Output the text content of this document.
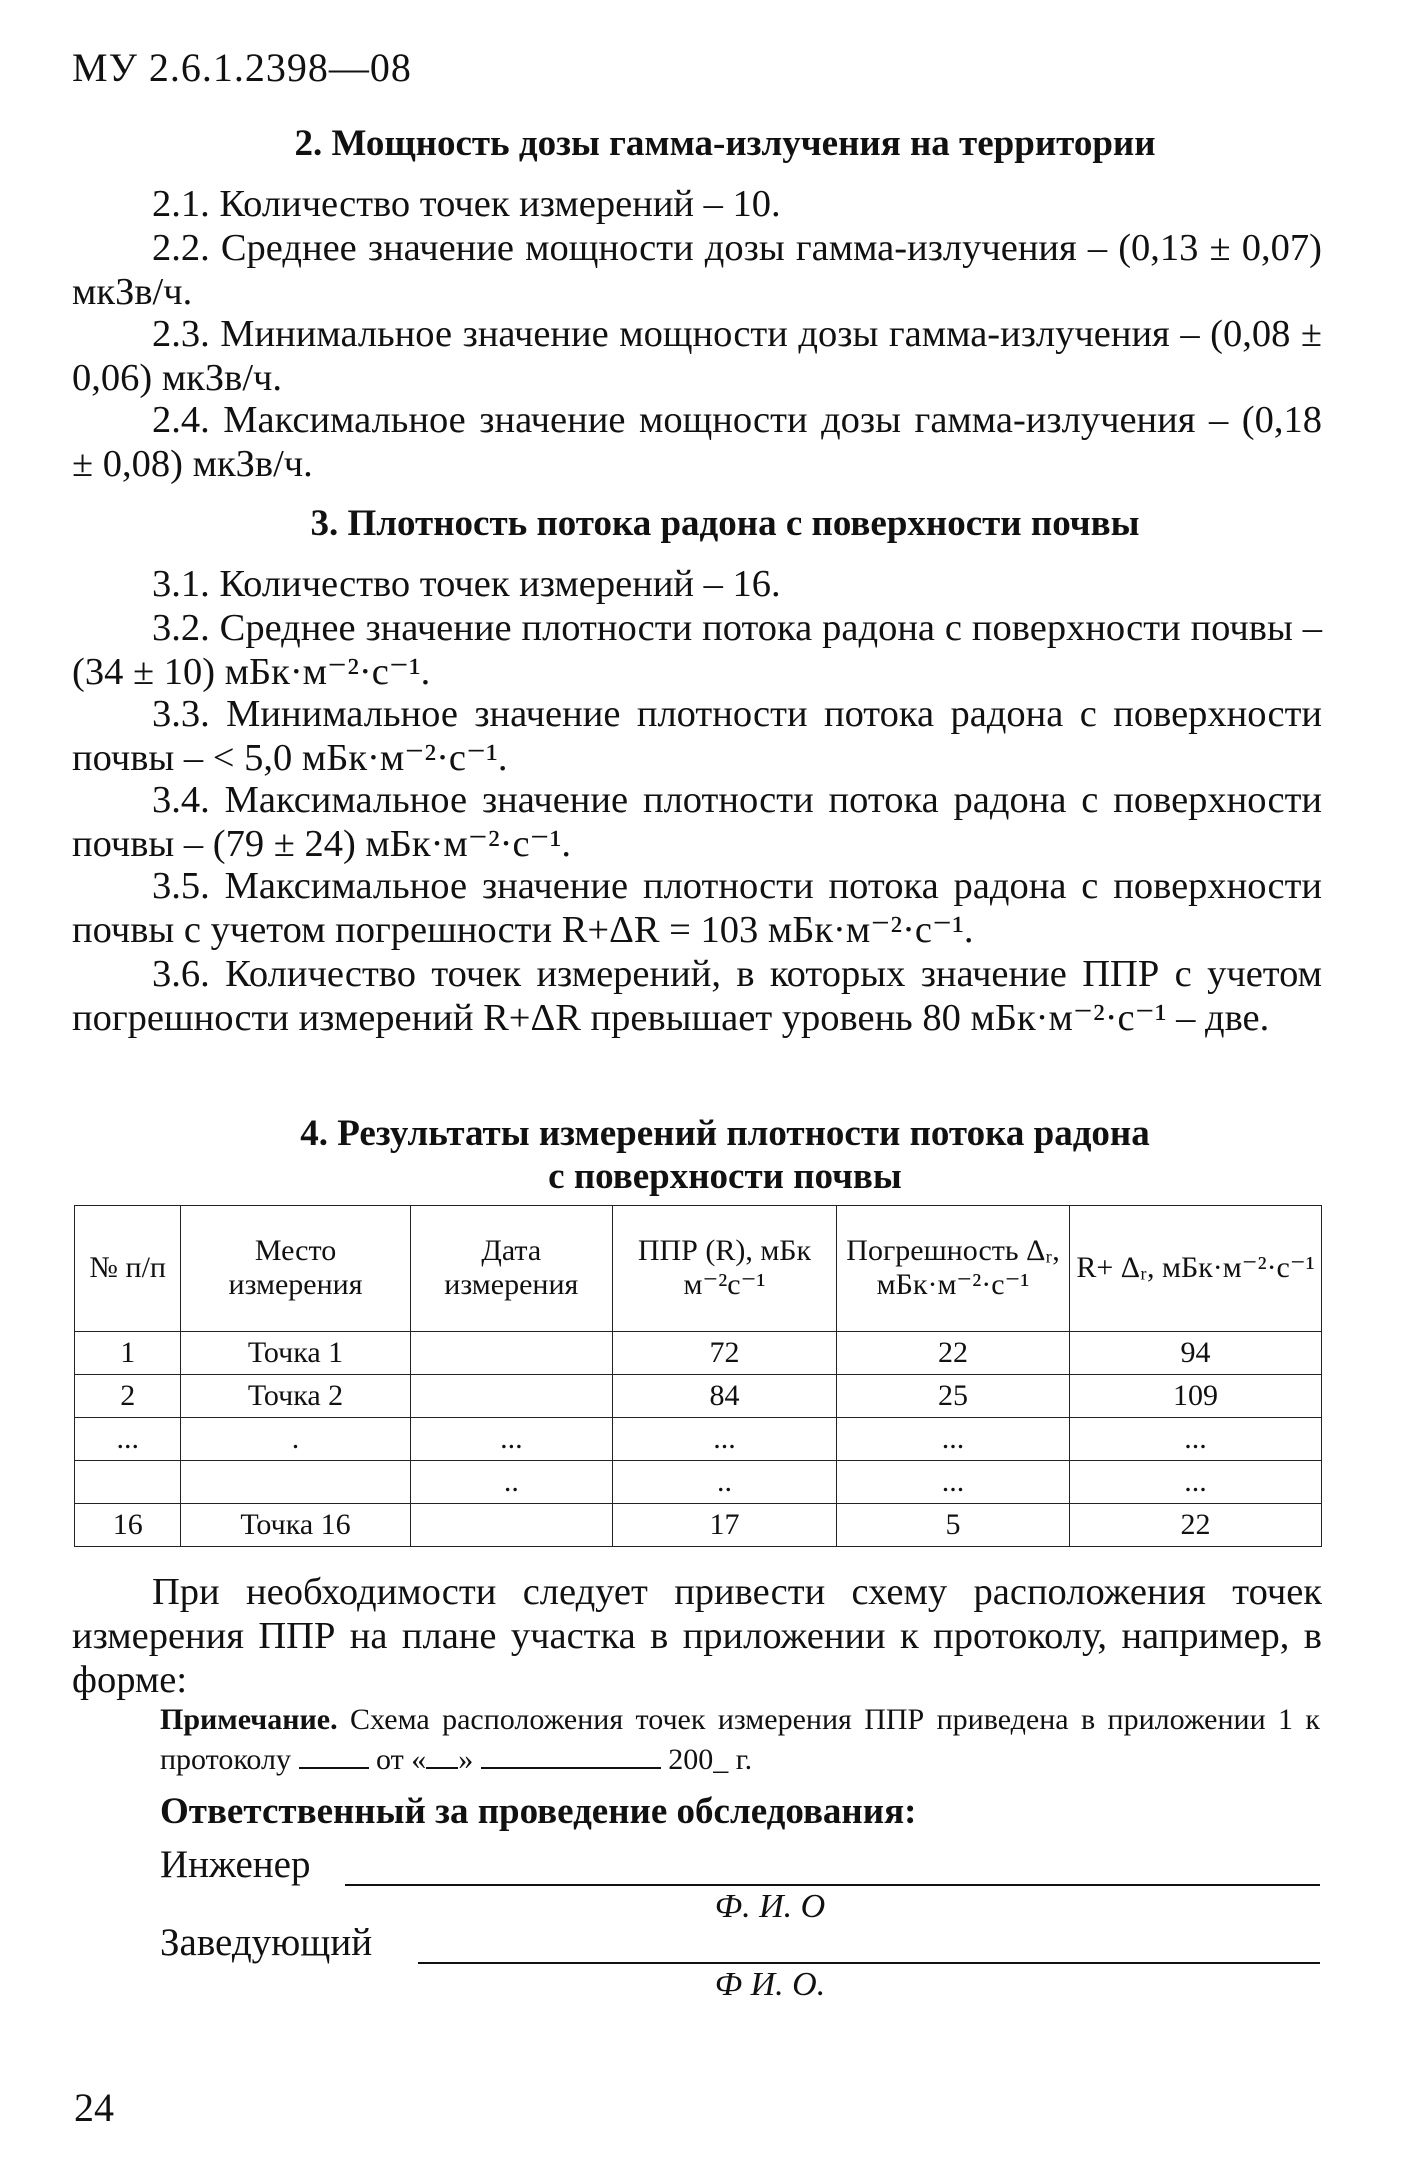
МУ 2.6.1.2398—08
2. Мощность дозы гамма-излучения на территории
2.1. Количество точек измерений – 10.
2.2. Среднее значение мощности дозы гамма-излучения – (0,13 ± 0,07) мкЗв/ч.
2.3. Минимальное значение мощности дозы гамма-излучения – (0,08 ± 0,06) мкЗв/ч.
2.4. Максимальное значение мощности дозы гамма-излучения – (0,18 ± 0,08) мкЗв/ч.
3. Плотность потока радона с поверхности почвы
3.1. Количество точек измерений – 16.
3.2. Среднее значение плотности потока радона с поверхности почвы – (34 ± 10) мБк·м⁻²·с⁻¹.
3.3. Минимальное значение плотности потока радона с поверхности почвы – < 5,0 мБк·м⁻²·с⁻¹.
3.4. Максимальное значение плотности потока радона с поверхности почвы – (79 ± 24) мБк·м⁻²·с⁻¹.
3.5. Максимальное значение плотности потока радона с поверхности почвы с учетом погрешности R+ΔR = 103 мБк·м⁻²·с⁻¹.
3.6. Количество точек измерений, в которых значение ППР с учетом погрешности измерений R+ΔR превышает уровень 80 мБк·м⁻²·с⁻¹ – две.
4. Результаты измерений плотности потока радона
с поверхности почвы
№ п/п	Место измерения	Дата измерения	ППР (R), мБк м⁻²с⁻¹	Погрешность Δᵣ, мБк·м⁻²·с⁻¹	R+ Δᵣ, мБк·м⁻²·с⁻¹
1	Точка 1		72	22	94
2	Точка 2		84	25	109
...	.	...	...	...	...
		..	..	...	...
16	Точка 16		17	5	22
При необходимости следует привести схему расположения точек измерения ППР на плане участка в приложении к протоколу, например, в форме:
Примечание. Схема расположения точек измерения ППР приведена в приложении 1 к протоколу	от « »	200_ г.
Ответственный за проведение обследования:
Инженер
Ф. И. О
Заведующий
Ф И. О.
24
